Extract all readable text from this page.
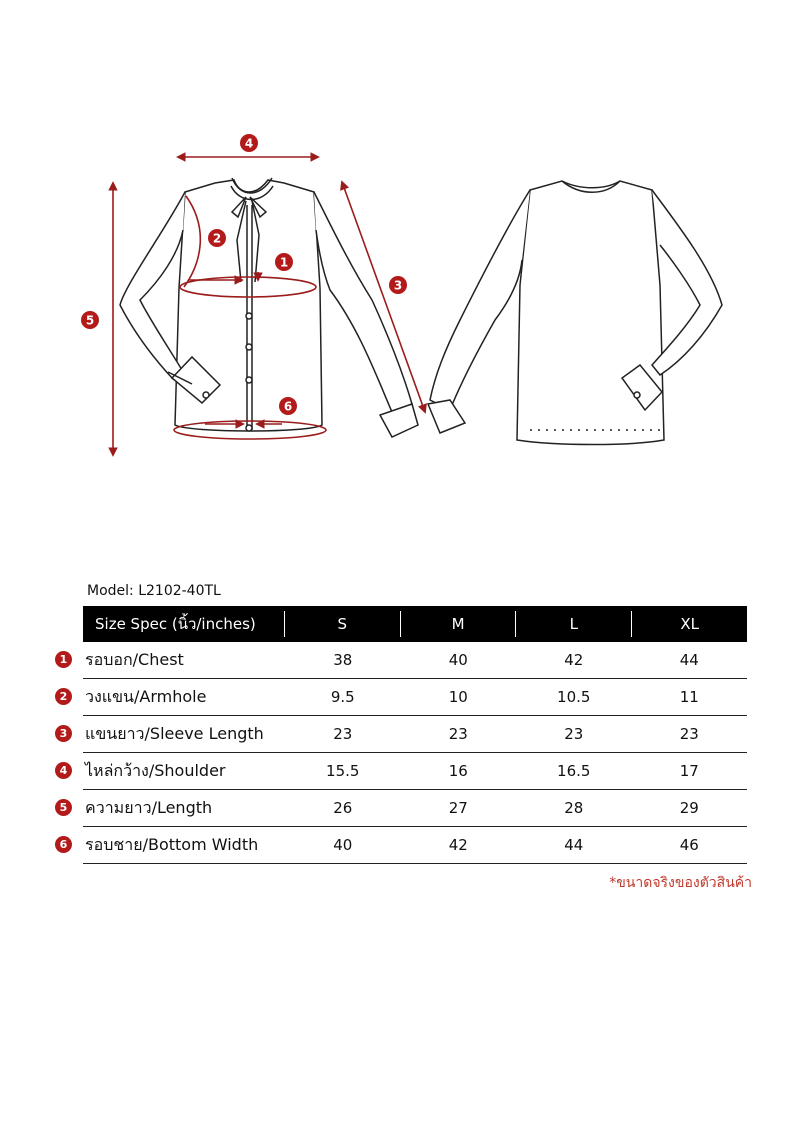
4
2
1
3
5
6
Model: L2102-40TL
Size Spec (นิ้ว/inches)	S	M	L	XL
1 รอบอก/Chest	38	40	42	44
2 วงแขน/Armhole	9.5	10	10.5	11
3 แขนยาว/Sleeve Length	23	23	23	23
4 ไหล่กว้าง/Shoulder	15.5	16	16.5	17
5 ความยาว/Length	26	27	28	29
6 รอบชาย/Bottom Width	40	42	44	46
*ขนาดจริงของตัวสินค้า
